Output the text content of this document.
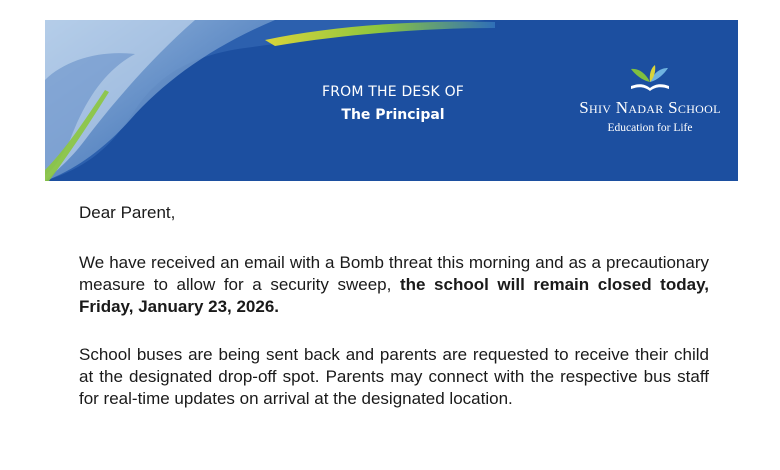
FROM THE DESK OF
The Principal	Shiv Nadar School
Education for Life

Dear Parent,

We have received an email with a Bomb threat this morning and as a precautionary measure to allow for a security sweep, the school will remain closed today, Friday, January 23, 2026.

School buses are being sent back and parents are requested to receive their child at the designated drop-off spot. Parents may connect with the respective bus staff for real-time updates on arrival at the designated location.
